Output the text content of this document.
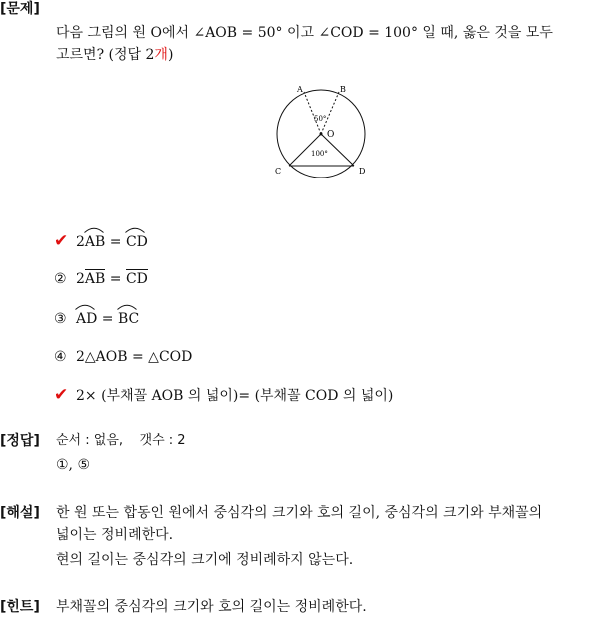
[문제]
다음 그림의 원 O에서 ∠AOB = 50° 이고 ∠COD = 100° 일 때, 옳은 것을 모두
고르면? (정답 2개)
A	B
C	D
O
50°
100°
✔ 2
AB = CD
② 2
AB = CD
③ AD = BC
④ 2△AOB = △COD
✔ 2× (부채꼴 AOB 의 넓이)= (부채꼴 COD 의 넓이)
[정답] 순서 : 없음,    갯수 : 2
①, ⑤
[해설] 한 원 또는 합동인 원에서 중심각의 크기와 호의 길이, 중심각의 크기와 부채꼴의
넓이는 정비례한다.
현의 길이는 중심각의 크기에 정비례하지 않는다.
[힌트] 부채꼴의 중심각의 크기와 호의 길이는 정비례한다.
